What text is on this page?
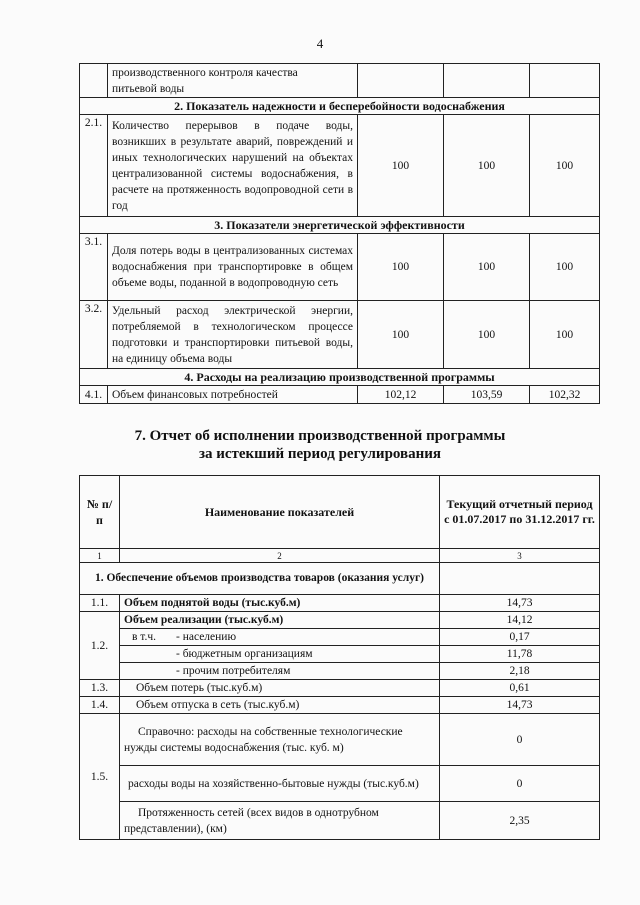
4

	производственного контроля качества
питьевой воды			

2. Показатель надежности и бесперебойности водоснабжения				
2.1.	Количество перерывов в подаче воды, возникших в результате аварий, повреждений и иных технологических нарушений на объектах централизованной системы водоснабжения, в расчете на протяженность водопроводной сети в год	100	100	100
3. Показатели энергетической эффективности				
3.1.	Доля потерь воды в централизованных системах водоснабжения при транспортировке в общем объеме воды, поданной в водопроводную сеть	100	100	100
3.2.	Удельный расход электрической энергии, потребляемой в технологическом процессе подготовки и транспортировки питьевой воды, на единицу объема воды	100	100	100
4. Расходы на реализацию производственной программы				
4.1.	Объем финансовых потребностей	102,12	103,59	102,32
7. Отчет об исполнении производственной программы
за истекший период регулирования
№ п/п	Наименование показателей	Текущий отчетный период с 01.07.2017 по 31.12.2017 гг.
1	2	3
1. Обеспечение объемов производства товаров (оказания услуг)		
1.1.	Объем поднятой воды (тыс.куб.м)	14,73
1.2.	Объем реализации (тыс.куб.м)	14,12
	в т.ч. - населению	0,17
	- бюджетным организациям	11,78
	- прочим потребителям	2,18
1.3.	Объем потерь (тыс.куб.м)	0,61
1.4.	Объем отпуска в сеть (тыс.куб.м)	14,73
1.5.	Справочно: расходы на собственные технологические нужды системы водоснабжения (тыс. куб. м)	0
	расходы воды на хозяйственно-бытовые нужды (тыс.куб.м)	0
	Протяженность сетей (всех видов в однотрубном представлении), (км)	2,35
